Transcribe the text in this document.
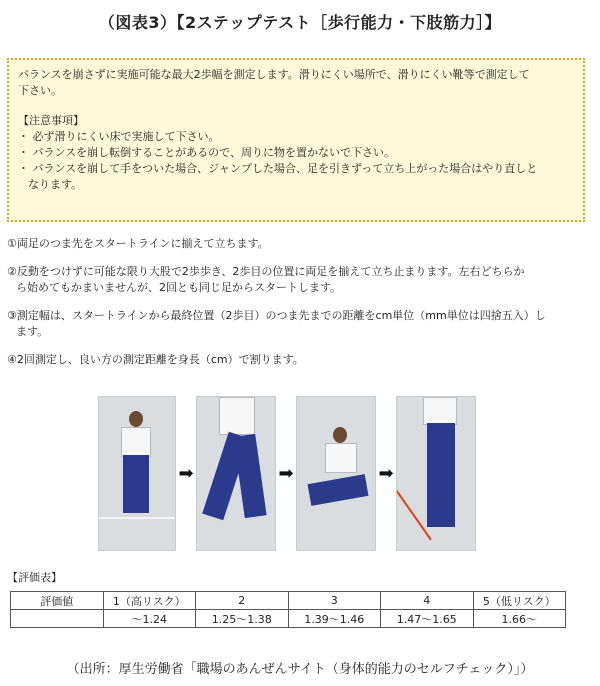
（図表3）【2ステップテスト［歩行能力・下肢筋力］】

バランスを崩さずに実施可能な最大2歩幅を測定します。滑りにくい場所で、滑りにくい靴等で測定して

下さい。

【注意事項】

・ 必ず滑りにくい床で実施して下さい。

・ バランスを崩し転倒することがあるので、周りに物を置かないで下さい。

・ バランスを崩して手をついた場合、ジャンプした場合、足を引きずって立ち上がった場合はやり直しと

なります。

①両足のつま先をスタートラインに揃えて立ちます。
②反動をつけずに可能な限り大股で2歩歩き、2歩目の位置に両足を揃えて立ち止まります。左右どちらか
ら始めてもかまいませんが、2回とも同じ足からスタートします。
③測定幅は、スタートラインから最終位置（2歩目）のつま先までの距離をcm単位（mm単位は四捨五入）し
ます。
④2回測定し、良い方の測定距離を身長（cm）で割ります。
➡	➡	➡
【評価表】
評価値	1（高リスク）	2	3	4	5（低リスク）
	～1.24	1.25～1.38	1.39～1.46	1.47～1.65	1.66～
（出所：厚生労働省「職場のあんぜんサイト（身体的能力のセルフチェック）」）
